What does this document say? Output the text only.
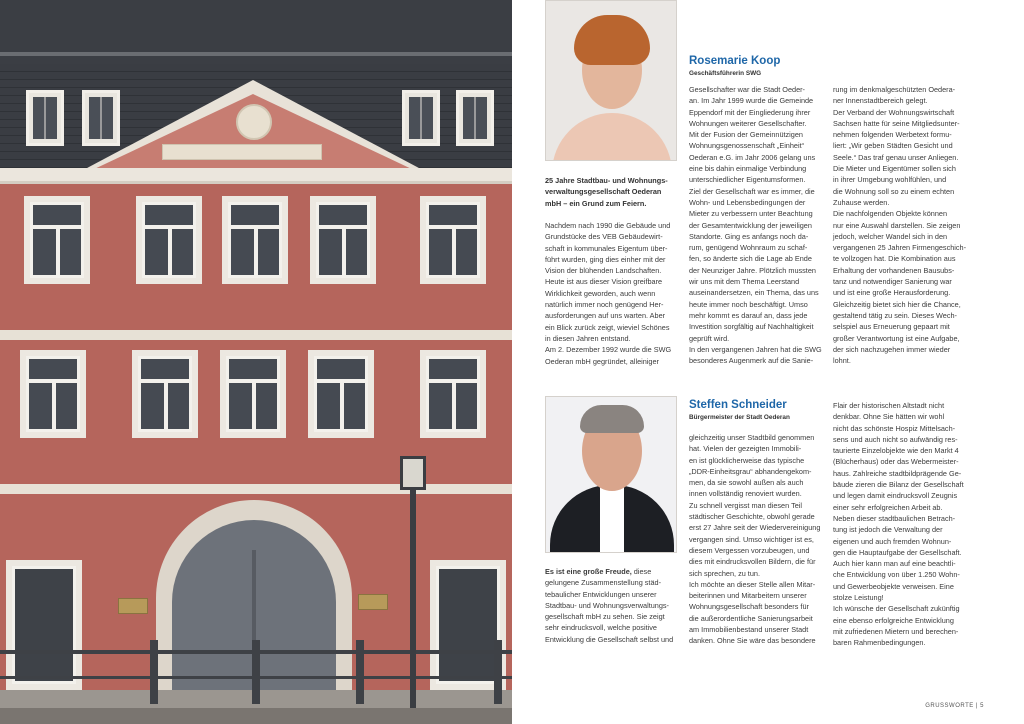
Rosemarie Koop
Geschäftsführerin SWG

25 Jahre Stadtbau- und Wohnungs-

verwaltungsgesellschaft Oederan

mbH – ein Grund zum Feiern.

Nachdem nach 1990 die Gebäude und

Grundstücke des VEB Gebäudewirt-

schaft in kommunales Eigentum über-

führt wurden, ging dies einher mit der

Vision der blühenden Landschaften.

Heute ist aus dieser Vision greifbare

Wirklichkeit geworden, auch wenn

natürlich immer noch genügend Her-

ausforderungen auf uns warten. Aber

ein Blick zurück zeigt, wieviel Schönes

in diesen Jahren entstand.

Am 2. Dezember 1992 wurde die SWG

Oederan mbH gegründet, alleiniger

Gesellschafter war die Stadt Oeder-

an. Im Jahr 1999 wurde die Gemeinde

Eppendorf mit der Eingliederung ihrer

Wohnungen weiterer Gesellschafter.

Mit der Fusion der Gemeinnützigen

Wohnungsgenossenschaft „Einheit“

Oederan e.G. im Jahr 2006 gelang uns

eine bis dahin einmalige Verbindung

unterschiedlicher Eigentumsformen.

Ziel der Gesellschaft war es immer, die

Wohn- und Lebensbedingungen der

Mieter zu verbessern unter Beachtung

der Gesamtentwicklung der jeweiligen

Standorte. Ging es anfangs noch da-

rum, genügend Wohnraum zu schaf-

fen, so änderte sich die Lage ab Ende

der Neunziger Jahre. Plötzlich mussten

wir uns mit dem Thema Leerstand

auseinandersetzen, ein Thema, das uns

heute immer noch beschäftigt. Umso

mehr kommt es darauf an, dass jede

Investition sorgfältig auf Nachhaltigkeit

geprüft wird.

In den vergangenen Jahren hat die SWG

besonderes Augenmerk auf die Sanie-

rung im denkmalgeschützten Oedera-

ner Innenstadtbereich gelegt.

Der Verband der Wohnungswirtschaft

Sachsen hatte für seine Mitgliedsunter-

nehmen folgenden Werbetext formu-

liert: „Wir geben Städten Gesicht und

Seele.“ Das traf genau unser Anliegen.

Die Mieter und Eigentümer sollen sich

in ihrer Umgebung wohlfühlen, und

die Wohnung soll so zu einem echten

Zuhause werden.

Die nachfolgenden Objekte können

nur eine Auswahl darstellen. Sie zeigen

jedoch, welcher Wandel sich in den

vergangenen 25 Jahren Firmengeschich-

te vollzogen hat. Die Kombination aus

Erhaltung der vorhandenen Bausubs-

tanz und notwendiger Sanierung war

und ist eine große Herausforderung.

Gleichzeitig bietet sich hier die Chance,

gestaltend tätig zu sein. Dieses Wech-

selspiel aus Erneuerung gepaart mit

großer Verantwortung ist eine Aufgabe,

der sich nachzugehen immer wieder

lohnt.

Steffen Schneider
Bürgermeister der Stadt Oederan

Es ist eine große Freude, diese

gelungene Zusammenstellung städ-

tebaulicher Entwicklungen unserer

Stadtbau- und Wohnungsverwaltungs-

gesellschaft mbH zu sehen. Sie zeigt

sehr eindrucksvoll, welche positive

Entwicklung die Gesellschaft selbst und

gleichzeitig unser Stadtbild genommen

hat. Vielen der gezeigten Immobili-

en ist glücklicherweise das typische

„DDR-Einheitsgrau“ abhandengekom-

men, da sie sowohl außen als auch

innen vollständig renoviert wurden.

Zu schnell vergisst man diesen Teil

städtischer Geschichte, obwohl gerade

erst 27 Jahre seit der Wiedervereinigung

vergangen sind. Umso wichtiger ist es,

diesem Vergessen vorzubeugen, und

dies mit eindrucksvollen Bildern, die für

sich sprechen, zu tun.

Ich möchte an dieser Stelle allen Mitar-

beiterinnen und Mitarbeitern unserer

Wohnungsgesellschaft besonders für

die außerordentliche Sanierungsarbeit

am Immobilienbestand unserer Stadt

danken. Ohne Sie wäre das besondere

Flair der historischen Altstadt nicht

denkbar. Ohne Sie hätten wir wohl

nicht das schönste Hospiz Mittelsach-

sens und auch nicht so aufwändig res-

taurierte Einzelobjekte wie den Markt 4

(Blücherhaus) oder das Webermeister-

haus. Zahlreiche stadtbildprägende Ge-

bäude zieren die Bilanz der Gesellschaft

und legen damit eindrucksvoll Zeugnis

einer sehr erfolgreichen Arbeit ab.

Neben dieser stadtbaulichen Betrach-

tung ist jedoch die Verwaltung der

eigenen und auch fremden Wohnun-

gen die Hauptaufgabe der Gesellschaft.

Auch hier kann man auf eine beachtli-

che Entwicklung von über 1.250 Wohn-

und Gewerbeobjekte verweisen. Eine

stolze Leistung!

Ich wünsche der Gesellschaft zukünftig

eine ebenso erfolgreiche Entwicklung

mit zufriedenen Mietern und berechen-

baren Rahmenbedingungen.

GRUSSWORTE | 5
